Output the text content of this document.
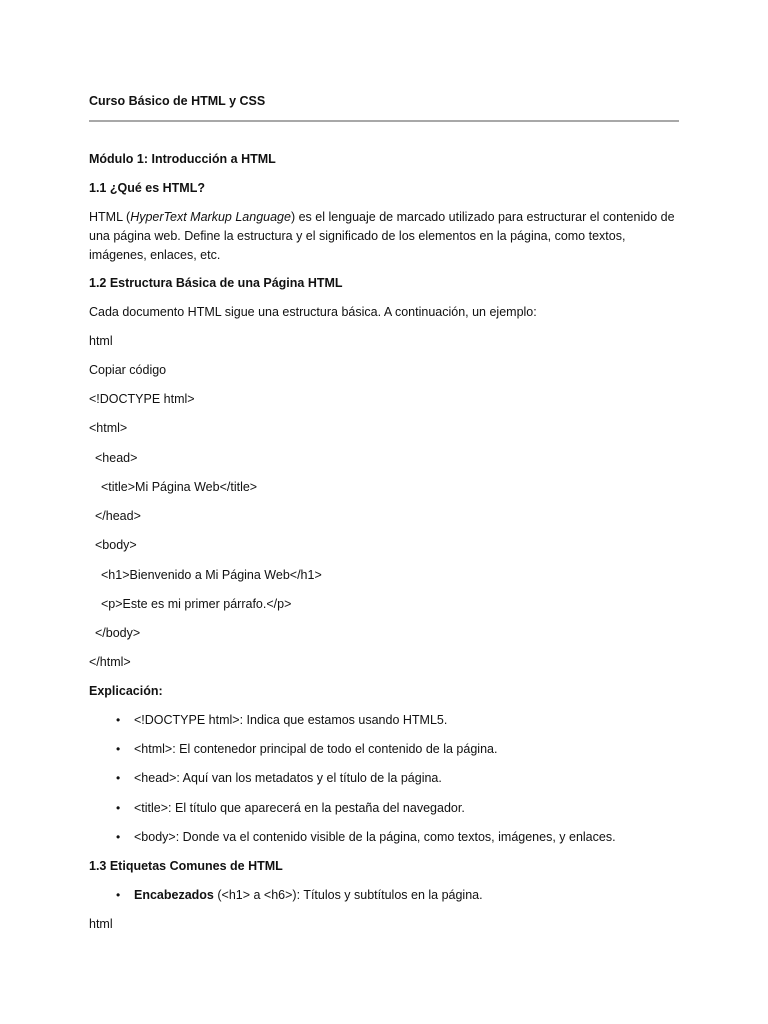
Curso Básico de HTML y CSS
Módulo 1: Introducción a HTML
1.1 ¿Qué es HTML?
HTML (HyperText Markup Language) es el lenguaje de marcado utilizado para estructurar el contenido de una página web. Define la estructura y el significado de los elementos en la página, como textos, imágenes, enlaces, etc.
1.2 Estructura Básica de una Página HTML
Cada documento HTML sigue una estructura básica. A continuación, un ejemplo:
html
Copiar código
<!DOCTYPE html>
<html>
<head>
<title>Mi Página Web</title>
</head>
<body>
<h1>Bienvenido a Mi Página Web</h1>
<p>Este es mi primer párrafo.</p>
</body>
</html>
Explicación:
• <!DOCTYPE html>: Indica que estamos usando HTML5.
• <html>: El contenedor principal de todo el contenido de la página.
• <head>: Aquí van los metadatos y el título de la página.
• <title>: El título que aparecerá en la pestaña del navegador.
• <body>: Donde va el contenido visible de la página, como textos, imágenes, y enlaces.
1.3 Etiquetas Comunes de HTML
• Encabezados (<h1> a <h6>): Títulos y subtítulos en la página.
html
